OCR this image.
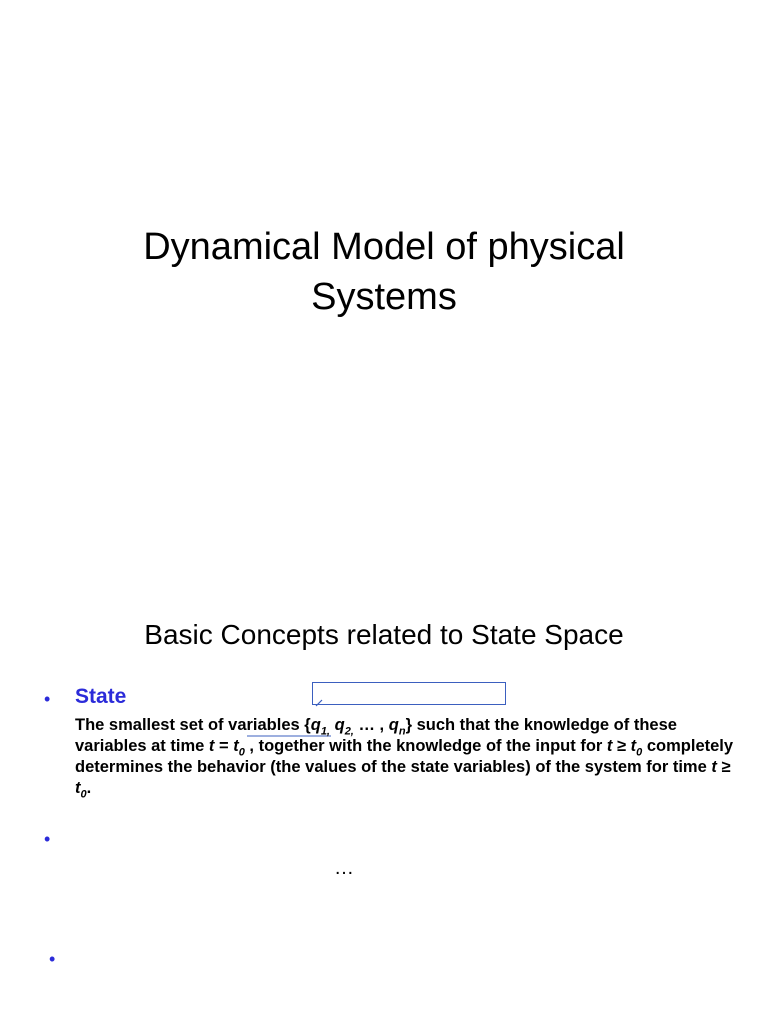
Dynamical Model of physical
Systems
Basic Concepts related to State Space
• State
The smallest set of variables {$q_{1,}$ $q_{2,}$ … , $q_n$} such that the knowledge of these variables at time $t = t_0$ , together with the knowledge of the input for $t \ge t_0$ completely determines the behavior (the values of the state variables) of the system for time $t \ge t_0$.
•
…
•
